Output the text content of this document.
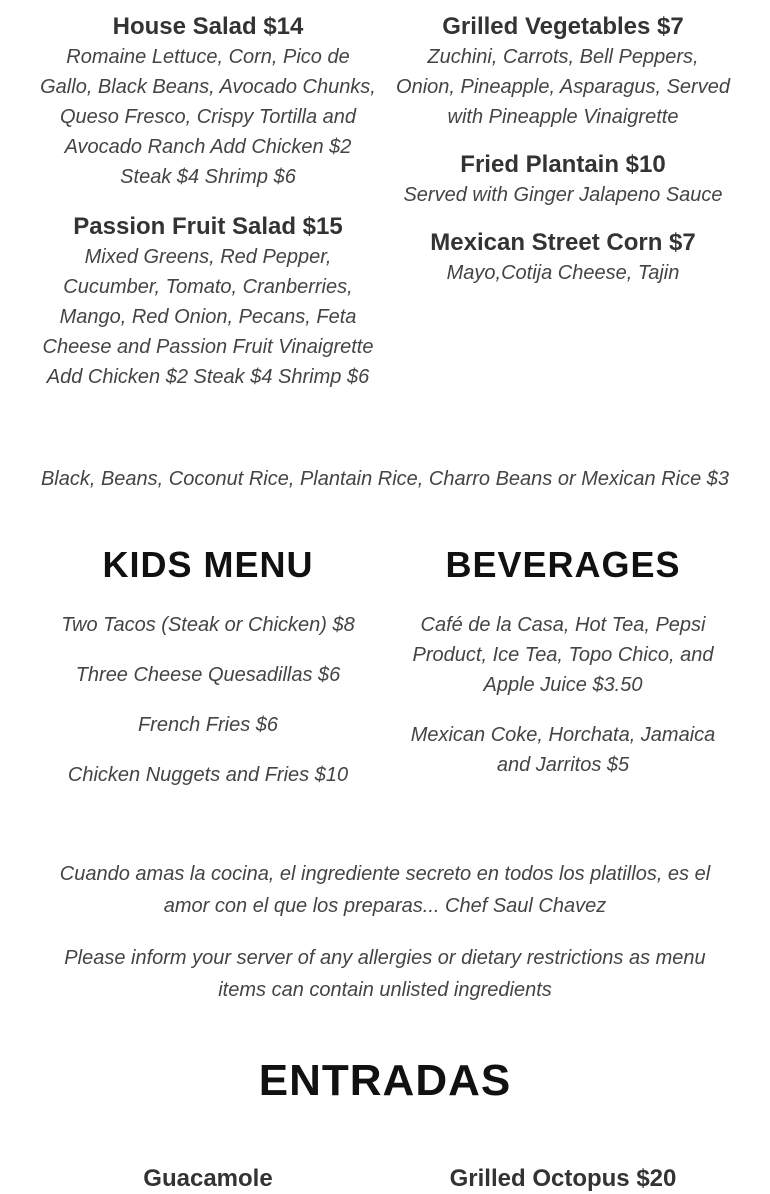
House Salad $14

Romaine Lettuce, Corn, Pico de Gallo, Black Beans, Avocado Chunks, Queso Fresco, Crispy Tortilla and Avocado Ranch Add Chicken $2 Steak $4 Shrimp $6

Passion Fruit Salad $15

Mixed Greens, Red Pepper, Cucumber, Tomato, Cranberries, Mango, Red Onion, Pecans, Feta Cheese and Passion Fruit Vinaigrette Add Chicken $2 Steak $4 Shrimp $6

Grilled Vegetables $7

Zuchini, Carrots, Bell Peppers, Onion, Pineapple, Asparagus, Served with Pineapple Vinaigrette

Fried Plantain $10

Served with Ginger Jalapeno Sauce

Mexican Street Corn $7

Mayo,Cotija Cheese, Tajin

Black, Beans, Coconut Rice, Plantain Rice, Charro Beans or Mexican Rice $3

KIDS MENU

Two Tacos (Steak or Chicken) $8

Three Cheese Quesadillas $6

French Fries $6

Chicken Nuggets and Fries $10

BEVERAGES

Café de la Casa, Hot Tea, Pepsi Product, Ice Tea, Topo Chico, and Apple Juice $3.50

Mexican Coke, Horchata, Jamaica and Jarritos $5

Cuando amas la cocina, el ingrediente secreto en todos los platillos, es el amor con el que los preparas... Chef Saul Chavez

Please inform your server of any allergies or dietary restrictions as menu items can contain unlisted ingredients

ENTRADAS

Guacamole	Grilled Octopus $20
